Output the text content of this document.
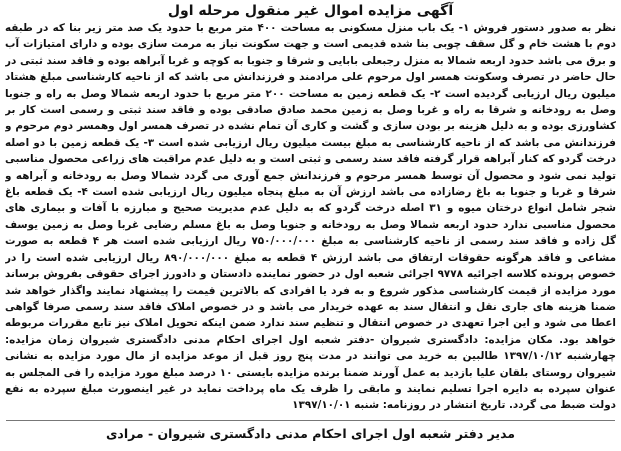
آگهی مزایده اموال غیر منقول مرحله اول

نظر به صدور دستور فروش ۱- یک باب منزل مسکونی به مساحت ۴۰۰ متر مربع با حدود یک صد متر زیر بنا که در طبقه دوم با هشت خام و گل سقف چوبی بنا شده قدیمی است و جهت سکونت نیاز به مرمت سازی بوده و دارای امتیازات آب و برق می باشد حدود اربعه شمالا به منزل رجبعلی بابایی و شرقا و جنوبا به کوچه و غربا آبراهه بوده و فاقد سند ثبتی در حال حاضر در تصرف وسکونت همسر اول مرحوم علی مرادمند و فرزندانش می باشد که از ناحیه کارشناسی مبلغ هشتاد میلیون ریال ارزیابی گردیده است ۲- یک قطعه زمین به مساحت ۲۰۰ متر مربع با حدود اربعه شمالا وصل به راه و جنوبا وصل به رودخانه و شرقا به راه و غربا وصل به زمین محمد صادق صادقی بوده و فاقد سند ثبتی و رسمی است کار بر کشاورزی بوده و به دلیل هزینه بر بودن سازی و گشت و کاری آن تمام نشده در تصرف همسر اول وهمسر دوم مرحوم و فرزندانش می باشد که از ناحیه کارشناسی به مبلغ بیست میلیون ریال ارزیابی شده است ۳- یک قطعه زمین با دو اصله درخت گردو که کنار آبراهه قرار گرفته فاقد سند رسمی و ثبتی است و به دلیل عدم مراقبت های زراعی محصول مناسبی تولید نمی شود و محصول آن توسط همسر مرحوم و فرزندانش جمع آوری می گردد شمالا وصل به رودخانه و آبراهه و شرقا و غربا و جنوبا به باغ رضازاده می باشد ارزش آن به مبلغ پنجاه میلیون ریال ارزیابی شده است ۴- یک قطعه باغ شجر شامل انواع درختان میوه و ۳۱ اصله درخت گردو که به دلیل عدم مدیریت صحیح و مبارزه با آفات و بیماری های محصول مناسبی ندارد حدود اربعه شمالا وصل به رودخانه و جنوبا وصل به باغ مسلم رضایی غربا وصل به زمین یوسف گل زاده و فاقد سند رسمی از ناحیه کارشناسی به مبلغ ۷۵۰/۰۰۰/۰۰۰ ریال ارزیابی شده است هر ۴ قطعه به صورت مشاعی و فاقد هرگونه حقوقات ارتفاق می باشد ارزش ۴ قطعه به مبلغ ۸۹۰/۰۰۰/۰۰۰ ریال ارزیابی شده است را در خصوص پرونده کلاسه اجرائیه ۹۷۷۸ اجرائی شعبه اول در حضور نماینده دادستان و دادورز اجرای حقوقی بفروش برساند مورد مزایده از قیمت کارشناسی مذکور شروع و به فرد یا افرادی که بالاترین قیمت را پیشنهاد نمایند واگذار خواهد شد ضمنا هزینه های جاری نقل و انتقال سند به عهده خریدار می باشد و در خصوص املاک فاقد سند رسمی صرفا گواهی اعطا می شود و این اجرا تعهدی در خصوص انتقال و تنظیم سند ندارد ضمن اینکه تحویل املاک نیز تابع مقررات مربوطه خواهد بود. مکان مزایده: دادگستری شیروان -دفتر شعبه اول اجرای احکام مدنی دادگستری شیروان زمان مزایده: چهارشنبه ۱۳۹۷/۱۰/۱۲ طالبین به خرید می توانند در مدت پنج روز قبل از موعد مزایده از مال مورد مزایده به نشانی شیروان روستای بلقان علیا بازدید به عمل آورند ضمنا برنده مزایده بایستی ۱۰ درصد مبلغ مورد مزایده را فی المجلس به عنوان سپرده به دایره اجرا تسلیم نمایند و مابقی را ظرف یک ماه پرداخت نماید در غیر اینصورت مبلغ سپرده به نفع دولت ضبط می گردد. تاریخ انتشار در روزنامه: شنبه ۱۳۹۷/۱۰/۰۱

مدیر دفتر شعبه اول اجرای احکام مدنی دادگستری شیروان - مرادی
